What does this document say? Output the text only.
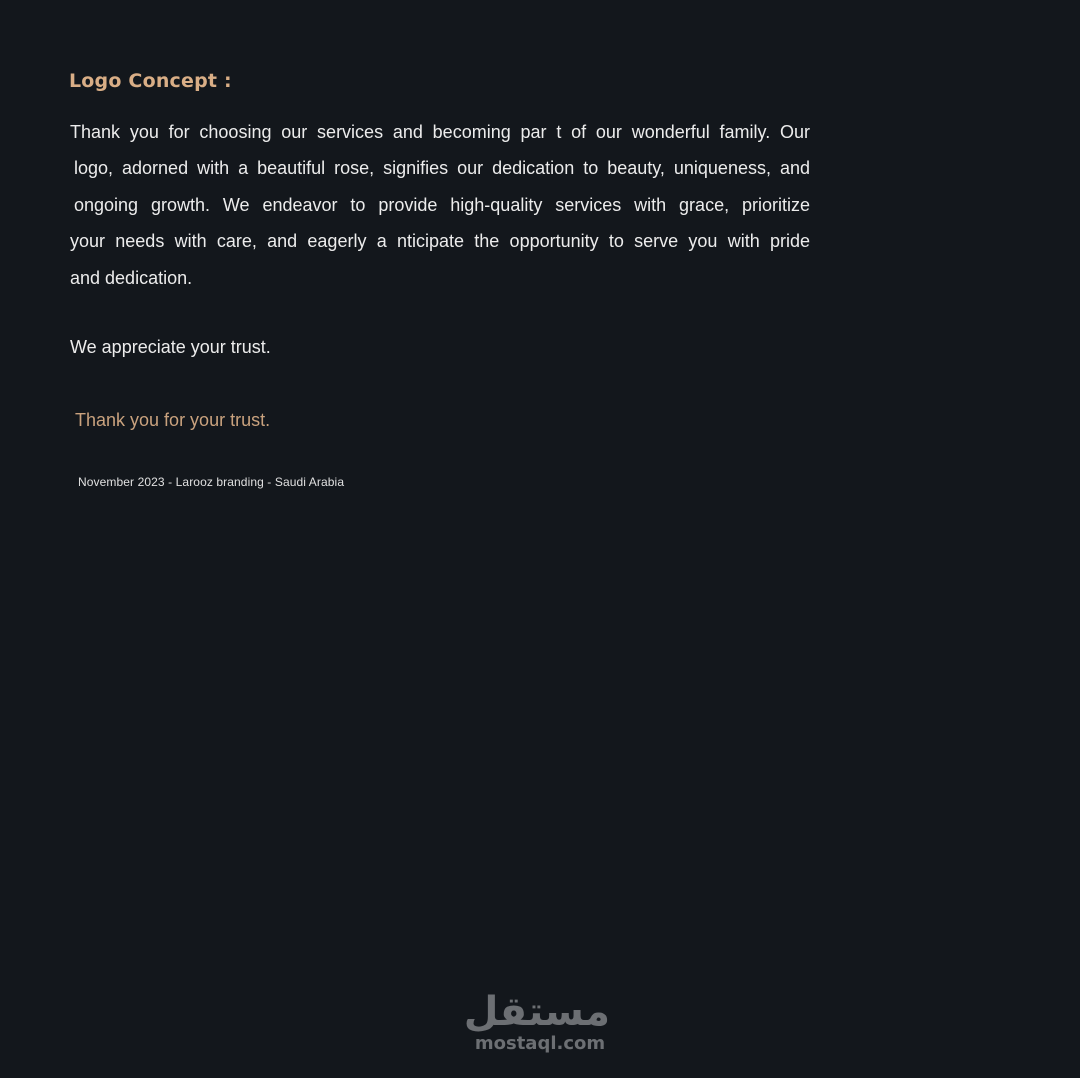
Logo Concept :
Thank you for choosing our services and becoming par t of our wonderful family. Our
logo, adorned with a beautiful rose, signifies our dedication to beauty, uniqueness, and
ongoing growth. We endeavor to provide high-quality services with grace, prioritize
your needs with care, and eagerly a nticipate the opportunity to serve you with pride
and dedication.
We appreciate your trust.
Thank you for your trust.
November 2023 - Larooz branding - Saudi Arabia
مستقل
mostaql.com
